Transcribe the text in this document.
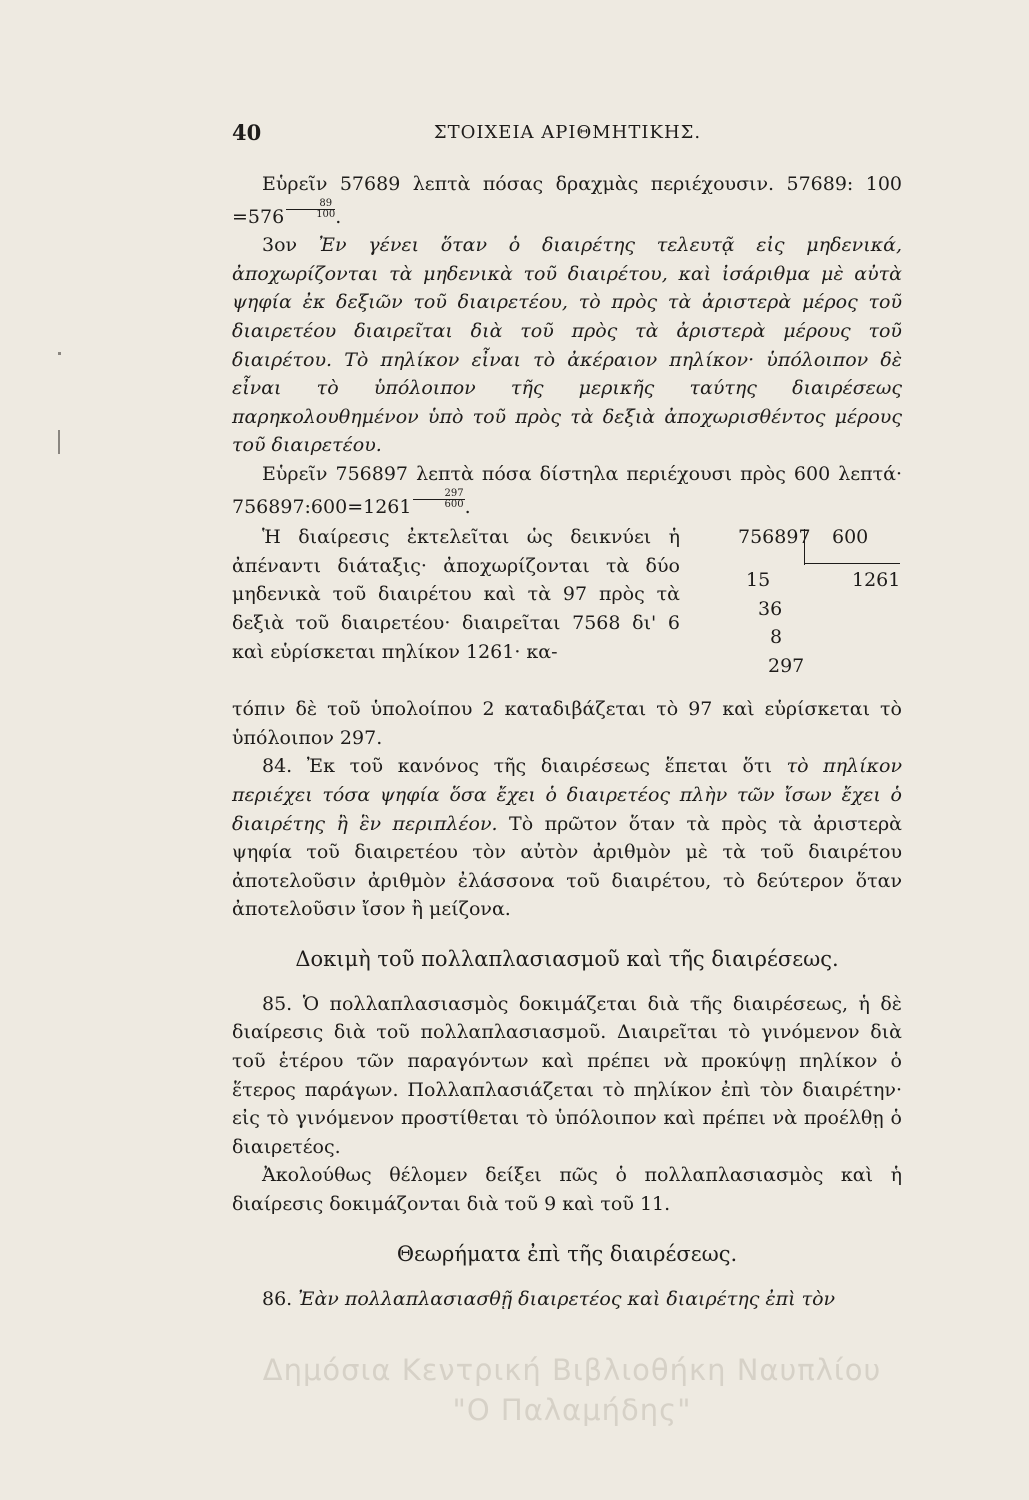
40	ΣΤΟΙΧΕΙΑ ΑΡΙΘΜΗΤΙΚΗΣ.

Εὑρεῖν 57689 λεπτὰ πόσας δραχμὰς περιέχουσιν. 57689: $100 =576 \frac{89}{100}$ .

3ον Ἐν γένει ὅταν ὁ διαιρέτης τελευτᾷ εἰς μηδενικά, ἀποχωρίζονται τὰ μηδενικὰ τοῦ διαιρέτου, καὶ ἰσάριθμα μὲ αὐτὰ ψηφία ἐκ δεξιῶν τοῦ διαιρετέου, τὸ πρὸς τὰ ἀριστερὰ μέρος τοῦ διαιρετέου διαιρεῖται διὰ τοῦ πρὸς τὰ ἀριστερὰ μέρους τοῦ διαιρέτου. Τὸ πηλίκον εἶναι τὸ ἀκέραιον πηλίκον· ὑπόλοιπον δὲ εἶναι τὸ ὑπόλοιπον τῆς μερικῆς ταύτης διαιρέσεως παρηκολουθημένον ὑπὸ τοῦ πρὸς τὰ δεξιὰ ἀποχωρισθέντος μέρους τοῦ διαιρετέου.

Εὑρεῖν 756897 λεπτὰ πόσα δίστηλα περιέχουσι πρὸς 600 λεπτά· 756897:600=1261 $\frac{297}{600}$ .

Ἡ διαίρεσις ἐκτελεῖται ὡς δεικνύει ἡ ἀπέναντι διάταξις· ἀποχωρίζονται τὰ δύο μηδενικὰ τοῦ διαιρέτου καὶ τὰ 97 πρὸς τὰ δεξιὰ τοῦ διαιρετέου· διαιρεῖται 7568 δι' 6 καὶ εὑρίσκεται πηλίκον 1261· κα-

756897 600
1261
15
36
8
297

τόπιν δὲ τοῦ ὑπολοίπου 2 καταδιβάζεται τὸ 97 καὶ εὑρίσκεται τὸ ὑπόλοιπον 297.

84. Ἐκ τοῦ κανόνος τῆς διαιρέσεως ἕπεται ὅτι τὸ πηλίκον περιέχει τόσα ψηφία ὅσα ἔχει ὁ διαιρετέος πλὴν τῶν ἴσων ἔχει ὁ διαιρέτης ἢ ἓν περιπλέον. Τὸ πρῶτον ὅταν τὰ πρὸς τὰ ἀριστερὰ ψηφία τοῦ διαιρετέου τὸν αὐτὸν ἀριθμὸν μὲ τὰ τοῦ διαιρέτου ἀποτελοῦσιν ἀριθμὸν ἐλάσσονα τοῦ διαιρέτου, τὸ δεύτερον ὅταν ἀποτελοῦσιν ἴσον ἢ μείζονα.

Δοκιμὴ τοῦ πολλαπλασιασμοῦ καὶ τῆς διαιρέσεως.

85. Ὁ πολλαπλασιασμὸς δοκιμάζεται διὰ τῆς διαιρέσεως, ἡ δὲ διαίρεσις διὰ τοῦ πολλαπλασιασμοῦ. Διαιρεῖται τὸ γινόμενον διὰ τοῦ ἑτέρου τῶν παραγόντων καὶ πρέπει νὰ προκύψῃ πηλίκον ὁ ἕτερος παράγων. Πολλαπλασιάζεται τὸ πηλίκον ἐπὶ τὸν διαιρέτην· εἰς τὸ γινόμενον προστίθεται τὸ ὑπόλοιπον καὶ πρέπει νὰ προέλθῃ ὁ διαιρετέος.

Ἀκολούθως θέλομεν δείξει πῶς ὁ πολλαπλασιασμὸς καὶ ἡ διαίρεσις δοκιμάζονται διὰ τοῦ 9 καὶ τοῦ 11.

Θεωρήματα ἐπὶ τῆς διαιρέσεως.

86. Ἐὰν πολλαπλασιασθῇ διαιρετέος καὶ διαιρέτης ἐπὶ τὸν

Δημόσια Κεντρική Βιβλιοθήκη Ναυπλίου
"Ο Παλαμήδης"
